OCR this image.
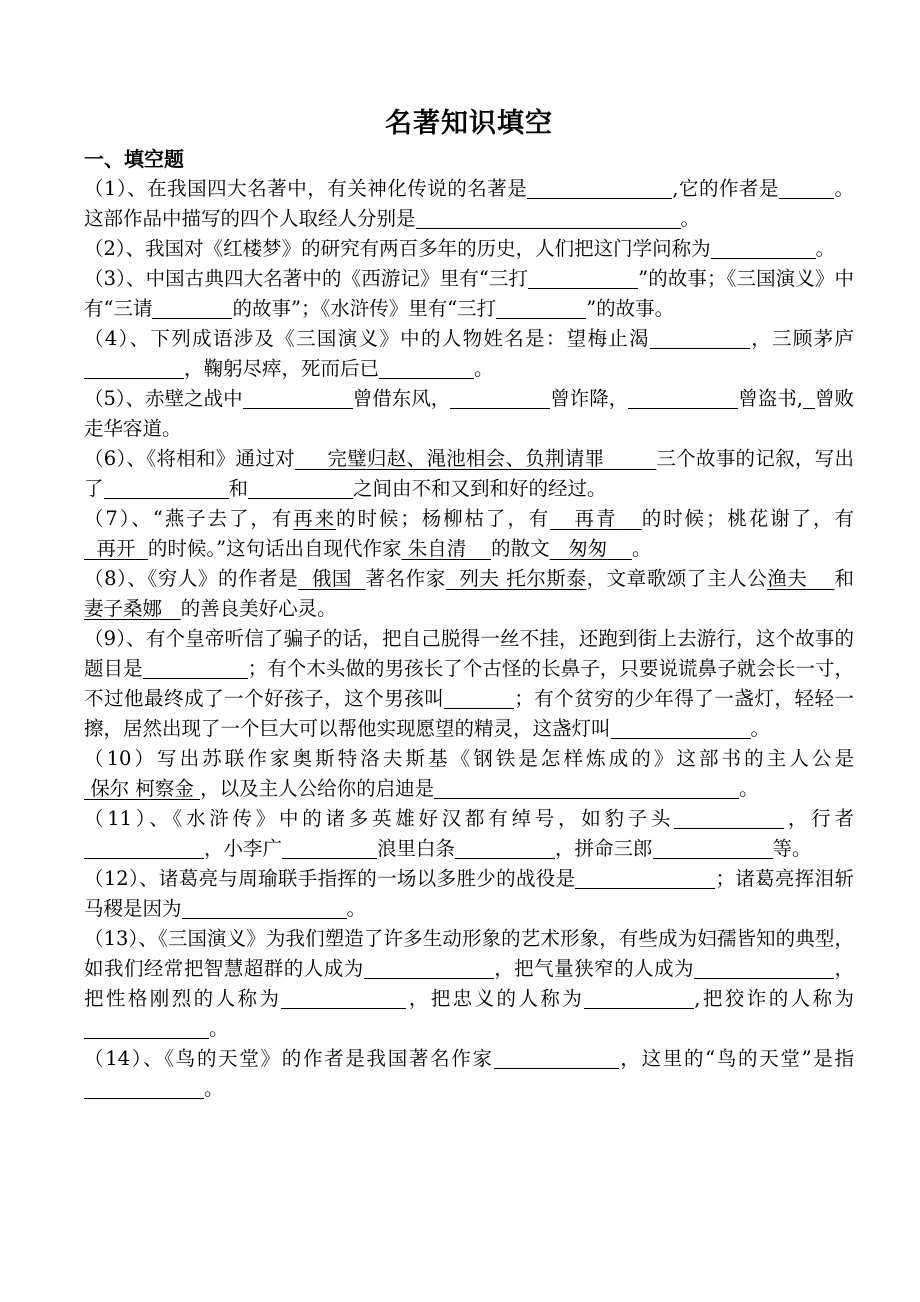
名著知识填空

一、填空题

（1）、在我国四大名著中，有关神化传说的名著是	,它的作者是	。这部作品中描写的四个人取经人分别是	。

（2）、我国对《红楼梦》的研究有两百多年的历史，人们把这门学问称为	。

（3）、中国古典四大名著中的《西游记》里有“三打	”的故事；《三国演义》中有“三请	的故事”；《水浒传》里有“三打	”的故事。

（4）、下列成语涉及《三国演义》中的人物姓名是：望梅止渴	，三顾茅庐，鞠躬尽瘁，死而后已	。

（5）、赤壁之战中	曾借东风，	曾诈降，	曾盗书, 曾败走华容道。

（6）、《将相和》通过对 完璧归赵、渑池相会、负荆请罪	三个故事的记叙，写出了	和	之间由不和又到和好的经过。

（7）、“燕子去了，有再来的时候；杨柳枯了，有 再青 的时候；桃花谢了，有  再开 的时候。”这句话出自现代作家 朱自清 的散文 匆匆 。

（8）、《穷人》的作者是 俄国 著名作家 列夫 托尔斯泰，文章歌颂了主人公渔夫 和妻子桑娜 的善良美好心灵。

（9）、有个皇帝听信了骗子的话，把自己脱得一丝不挂，还跑到街上去游行，这个故事的题目是	；有个木头做的男孩长了个古怪的长鼻子，只要说谎鼻子就会长一寸，不过他最终成了一个好孩子，这个男孩叫	；有个贫穷的少年得了一盏灯，轻轻一擦，居然出现了一个巨大可以帮他实现愿望的精灵，这盏灯叫	。

（10）写出苏联作家奥斯特洛夫斯基《钢铁是怎样炼成的》这部书的主人公是 保尔 柯察金 ，以及主人公给你的启迪是	。

（11）、《水浒传》中的诸多英雄好汉都有绰号，如豹子头	，行者，小李广	浪里白条	，拼命三郎	等。

（12）、诸葛亮与周瑜联手指挥的一场以多胜少的战役是	；诸葛亮挥泪斩马稷是因为	。

（13）、《三国演义》为我们塑造了许多生动形象的艺术形象，有些成为妇孺皆知的典型，如我们经常把智慧超群的人成为	，把气量狭窄的人成为	，把性格刚烈的人称为	，把忠义的人称为	,把狡诈的人称为。

（14）、《鸟的天堂》的作者是我国著名作家	，这里的“鸟的天堂”是指。
